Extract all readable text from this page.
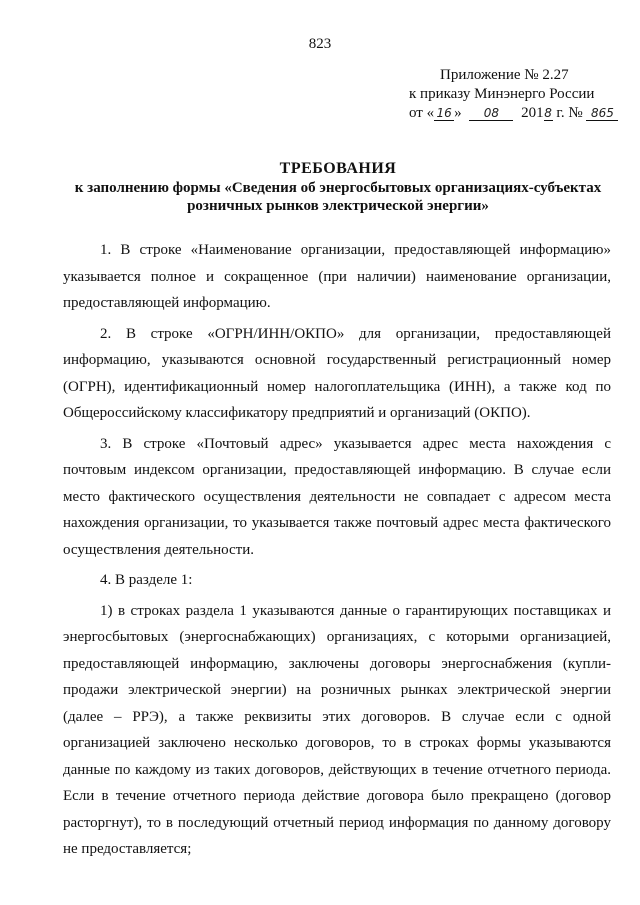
823
Приложение № 2.27
к приказу Минэнерго России
от « 16 » 08 2018 г. № 865
ТРЕБОВАНИЯ
к заполнению формы «Сведения об энергосбытовых организациях-субъектах розничных рынков электрической энергии»

1. В строке «Наименование организации, предоставляющей информацию» указывается полное и сокращенное (при наличии) наименование организации, предоставляющей информацию.

2. В строке «ОГРН/ИНН/ОКПО» для организации, предоставляющей информацию, указываются основной государственный регистрационный номер (ОГРН), идентификационный номер налогоплательщика (ИНН), а также код по Общероссийскому классификатору предприятий и организаций (ОКПО).

3. В строке «Почтовый адрес» указывается адрес места нахождения с почтовым индексом организации, предоставляющей информацию. В случае если место фактического осуществления деятельности не совпадает с адресом места нахождения организации, то указывается также почтовый адрес места фактического осуществления деятельности.

4. В разделе 1:

1) в строках раздела 1 указываются данные о гарантирующих поставщиках и энергосбытовых (энергоснабжающих) организациях, с которыми организацией, предоставляющей информацию, заключены договоры энергоснабжения (купли-продажи электрической энергии) на розничных рынках электрической энергии (далее – РРЭ), а также реквизиты этих договоров. В случае если с одной организацией заключено несколько договоров, то в строках формы указываются данные по каждому из таких договоров, действующих в течение отчетного периода. Если в течение отчетного периода действие договора было прекращено (договор расторгнут), то в последующий отчетный период информация по данному договору не предоставляется;
